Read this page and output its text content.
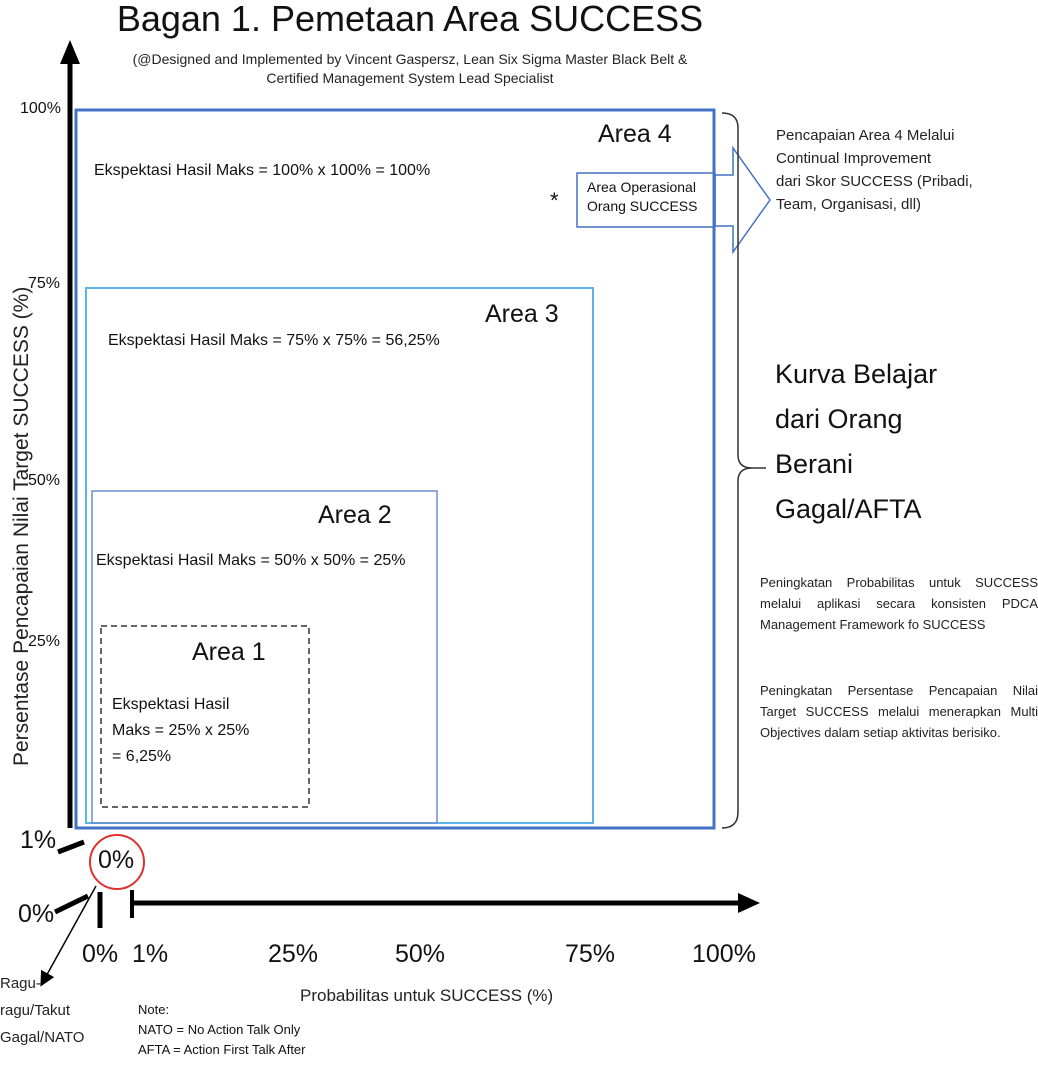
Bagan 1. Pemetaan Area SUCCESS
(@Designed and Implemented by Vincent Gaspersz, Lean Six Sigma Master Black Belt &
Certified Management System Lead Specialist
Persentase Pencapaian Nilai Target SUCCESS (%)
100%
75%
50%
25%
1%
0%
0%
0% 1%	25%	50%	75%	100%
Probabilitas untuk SUCCESS (%)
Area 4
Ekspektasi Hasil Maks = 100% x 100% = 100%
Area 3
Ekspektasi Hasil Maks = 75% x 75% = 56,25%
Area 2
Ekspektasi Hasil Maks = 50% x 50% = 25%
Area 1
Ekspektasi Hasil
Maks = 25% x 25%
= 6,25%
*
Area Operasional
Orang SUCCESS
Pencapaian Area 4 Melalui
Continual Improvement
dari Skor SUCCESS (Pribadi,
Team, Organisasi, dll)
Kurva Belajar
dari Orang
Berani
Gagal/AFTA
Peningkatan Probabilitas untuk SUCCESS melalui aplikasi secara konsisten PDCA Management Framework fo SUCCESS
Peningkatan Persentase Pencapaian Nilai Target SUCCESS melalui menerapkan Multi Objectives dalam setiap aktivitas berisiko.
Ragu-
ragu/Takut
Gagal/NATO
Note:
NATO = No Action Talk Only
AFTA = Action First Talk After
